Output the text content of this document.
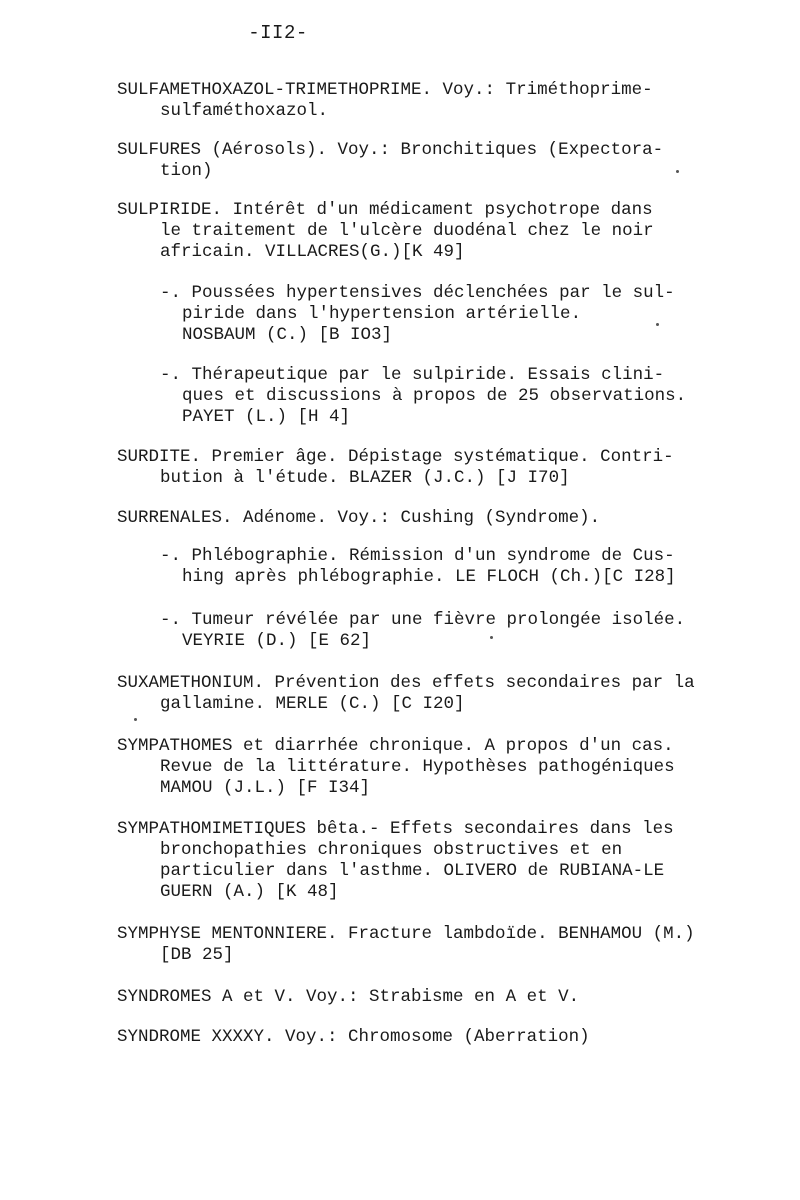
-II2-
SULFAMETHOXAZOL-TRIMETHOPRIME. Voy.: Triméthoprime-
sulfaméthoxazol.
SULFURES (Aérosols). Voy.: Bronchitiques (Expectora-
tion)
SULPIRIDE. Intérêt d'un médicament psychotrope dans
le traitement de l'ulcère duodénal chez le noir
africain. VILLACRES(G.)[K 49]
-. Poussées hypertensives déclenchées par le sul-
piride dans l'hypertension artérielle.
NOSBAUM (C.) [B IO3]
-. Thérapeutique par le sulpiride. Essais clini-
ques et discussions à propos de 25 observations.
PAYET (L.) [H 4]
SURDITE. Premier âge. Dépistage systématique. Contri-
bution à l'étude. BLAZER (J.C.) [J I70]
SURRENALES. Adénome. Voy.: Cushing (Syndrome).
-. Phlébographie. Rémission d'un syndrome de Cus-
hing après phlébographie. LE FLOCH (Ch.)[C I28]
-. Tumeur révélée par une fièvre prolongée isolée.
VEYRIE (D.) [E 62]
SUXAMETHONIUM. Prévention des effets secondaires par la
gallamine. MERLE (C.) [C I20]
SYMPATHOMES et diarrhée chronique. A propos d'un cas.
Revue de la littérature. Hypothèses pathogéniques
MAMOU (J.L.) [F I34]
SYMPATHOMIMETIQUES bêta.- Effets secondaires dans les
bronchopathies chroniques obstructives et en
particulier dans l'asthme. OLIVERO de RUBIANA-LE
GUERN (A.) [K 48]
SYMPHYSE MENTONNIERE. Fracture lambdoïde. BENHAMOU (M.)
[DB 25]
SYNDROMES A et V. Voy.: Strabisme en A et V.
SYNDROME XXXXY. Voy.: Chromosome (Aberration)
